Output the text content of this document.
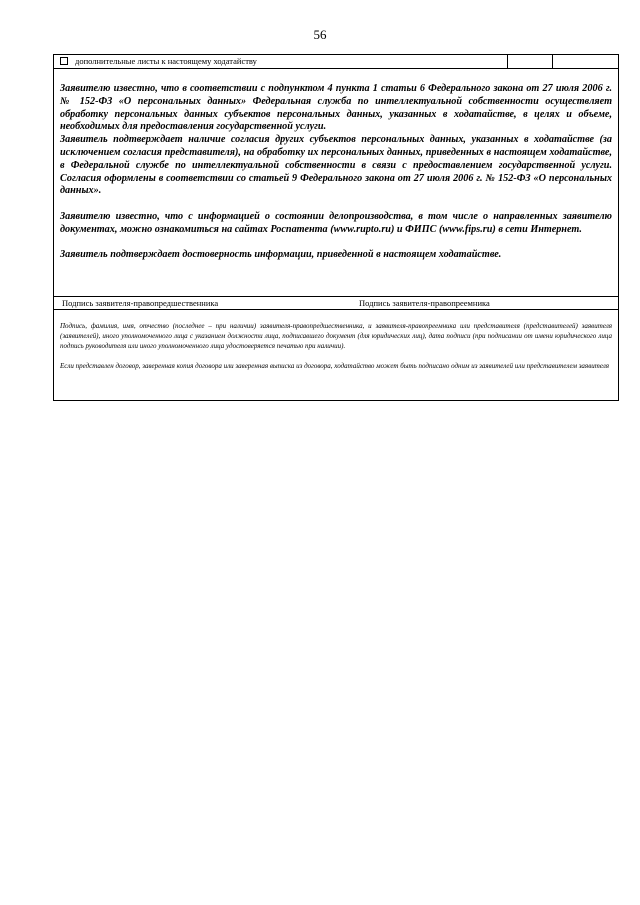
56
дополнительные листы к настоящему ходатайству

Заявителю известно, что в соответствии с подпунктом 4 пункта 1 статьи 6 Федерального закона от 27 июля 2006 г. № 152-ФЗ «О персональных данных» Федеральная служба по интеллектуальной собственности осуществляет обработку персональных данных субъектов персональных данных, указанных в ходатайстве, в целях и объеме, необходимых для предоставления государственной услуги.

Заявитель подтверждает наличие согласия других субъектов персональных данных, указанных в ходатайстве (за исключением согласия представителя), на обработку их персональных данных, приведенных в настоящем ходатайстве, в Федеральной службе по интеллектуальной собственности в связи с предоставлением государственной услуги. Согласия оформлены в соответствии со статьей 9 Федерального закона от 27 июля 2006 г. № 152-ФЗ «О персональных данных».

Заявителю известно, что с информацией о состоянии делопроизводства, в том числе о направленных заявителю документах, можно ознакомиться на сайтах Роспатента (www.rupto.ru) и ФИПС (www.fips.ru) в сети Интернет.

Заявитель подтверждает достоверность информации, приведенной в настоящем ходатайстве.

Подпись заявителя-правопредшественника	Подпись заявителя-правопреемника

Подпись, фамилия, имя, отчество (последнее – при наличии) заявителя-правопредшественника, и заявителя-правопреемника или представителя (представителей) заявителя (заявителей), иного уполномоченного лица с указанием должности лица, подписавшего документ (для юридических лиц), дата подписи (при подписании от имени юридического лица подпись руководителя или иного уполномоченного лица удостоверяется печатью при наличии).

Если представлен договор, заверенная копия договора или заверенная выписка из договора, ходатайство может быть подписано одним из заявителей или представителем заявителя
